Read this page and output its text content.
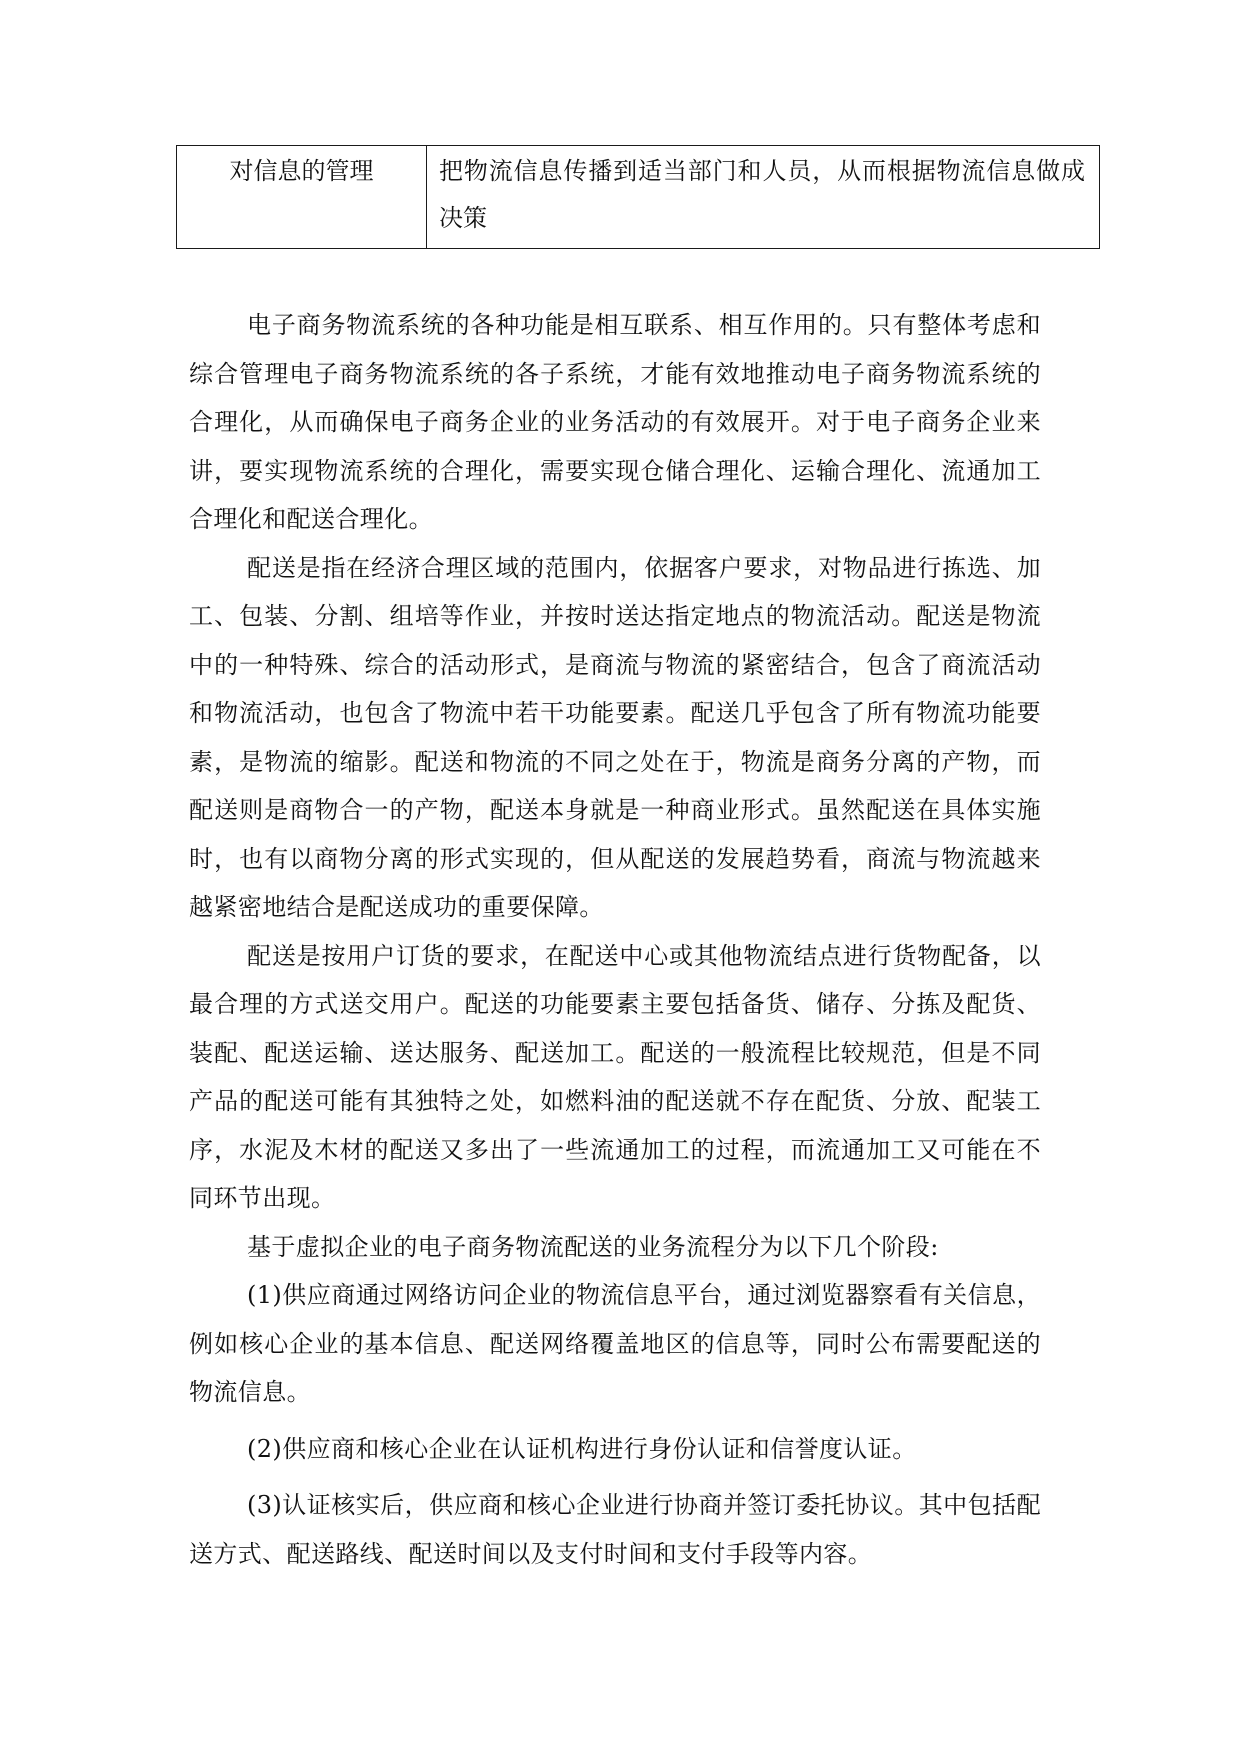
对信息的管理	把物流信息传播到适当部门和人员，从而根据物流信息做成决策

电子商务物流系统的各种功能是相互联系、相互作用的。只有整体考虑和综合管理电子商务物流系统的各子系统，才能有效地推动电子商务物流系统的合理化，从而确保电子商务企业的业务活动的有效展开。对于电子商务企业来讲，要实现物流系统的合理化，需要实现仓储合理化、运输合理化、流通加工合理化和配送合理化。

配送是指在经济合理区域的范围内，依据客户要求，对物品进行拣选、加工、包装、分割、组培等作业，并按时送达指定地点的物流活动。配送是物流中的一种特殊、综合的活动形式，是商流与物流的紧密结合，包含了商流活动和物流活动，也包含了物流中若干功能要素。配送几乎包含了所有物流功能要素，是物流的缩影。配送和物流的不同之处在于，物流是商务分离的产物，而配送则是商物合一的产物，配送本身就是一种商业形式。虽然配送在具体实施时，也有以商物分离的形式实现的，但从配送的发展趋势看，商流与物流越来越紧密地结合是配送成功的重要保障。

配送是按用户订货的要求，在配送中心或其他物流结点进行货物配备，以最合理的方式送交用户。配送的功能要素主要包括备货、储存、分拣及配货、装配、配送运输、送达服务、配送加工。配送的一般流程比较规范，但是不同产品的配送可能有其独特之处，如燃料油的配送就不存在配货、分放、配装工序，水泥及木材的配送又多出了一些流通加工的过程，而流通加工又可能在不同环节出现。

基于虚拟企业的电子商务物流配送的业务流程分为以下几个阶段:

(1)供应商通过网络访问企业的物流信息平台，通过浏览器察看有关信息，例如核心企业的基本信息、配送网络覆盖地区的信息等，同时公布需要配送的物流信息。

(2)供应商和核心企业在认证机构进行身份认证和信誉度认证。

(3)认证核实后，供应商和核心企业进行协商并签订委托协议。其中包括配送方式、配送路线、配送时间以及支付时间和支付手段等内容。
